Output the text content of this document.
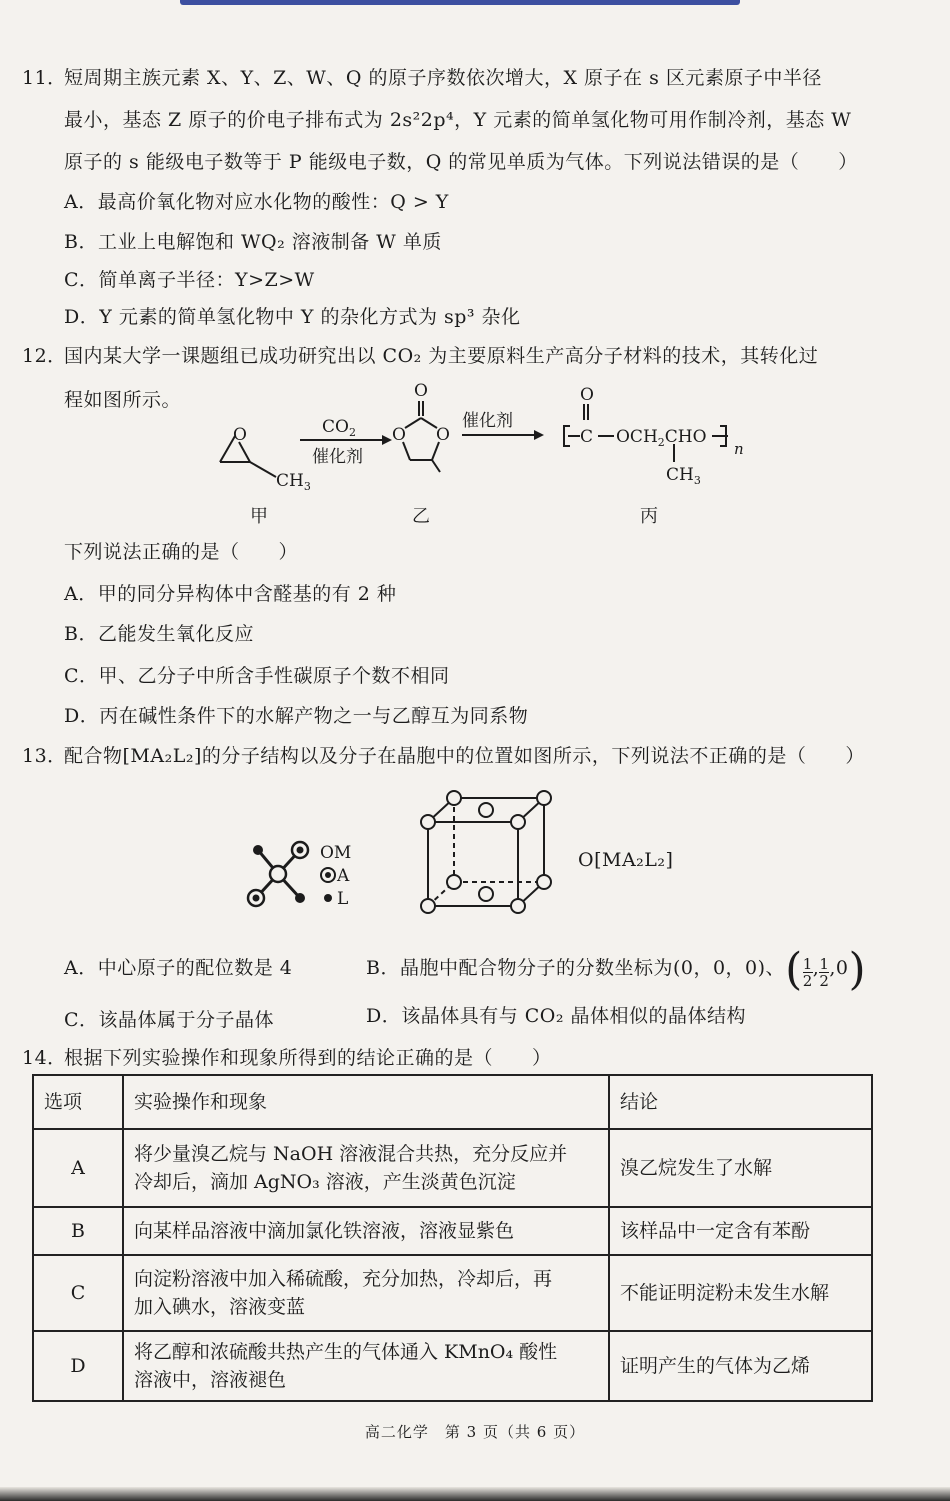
11．短周期主族元素 X、Y、Z、W、Q 的原子序数依次增大，X 原子在 s 区元素原子中半径
最小，基态 Z 原子的价电子排布式为 2s²2p⁴，Y 元素的简单氢化物可用作制冷剂，基态 W
原子的 s 能级电子数等于 P 能级电子数，Q 的常见单质为气体。下列说法错误的是（　　）
A．最高价氧化物对应水化物的酸性：Q > Y
B．工业上电解饱和 WQ₂ 溶液制备 W 单质
C．简单离子半径：Y>Z>W
D．Y 元素的简单氢化物中 Y 的杂化方式为 sp³ 杂化
12．国内某大学一课题组已成功研究出以 CO₂ 为主要原料生产高分子材料的技术，其转化过
程如图所示。
O
$CH_3$
$CO_2$
催化剂
O
O O
催化剂
O
C $OCH_2CHO$
n
$CH_3$
甲	乙	丙
下列说法正确的是（　　）
A．甲的同分异构体中含醛基的有 2 种
B．乙能发生氧化反应
C．甲、乙分子中所含手性碳原子个数不相同
D．丙在碱性条件下的水解产物之一与乙醇互为同系物
13．配合物[MA₂L₂]的分子结构以及分子在晶胞中的位置如图所示，下列说法不正确的是（　　）
OM
A
L
O[MA₂L₂]
A．中心原子的配位数是 4	B．晶胞中配合物分子的分数坐标为(0，0，0)、( $\frac{1}{2}$ , $\frac{1}{2} ,0$)
C．该晶体属于分子晶体	D．该晶体具有与 CO₂ 晶体相似的晶体结构
14．根据下列实验操作和现象所得到的结论正确的是（　　）
选项	实验操作和现象	结论
A	将少量溴乙烷与 NaOH 溶液混合共热，充分反应并
冷却后，滴加 AgNO₃ 溶液，产生淡黄色沉淀	溴乙烷发生了水解
B	向某样品溶液中滴加氯化铁溶液，溶液显紫色	该样品中一定含有苯酚
C	向淀粉溶液中加入稀硫酸，充分加热，冷却后，再
加入碘水，溶液变蓝	不能证明淀粉未发生水解
D	将乙醇和浓硫酸共热产生的气体通入 KMnO₄ 酸性
溶液中，溶液褪色	证明产生的气体为乙烯
高二化学　第 3 页（共 6 页）
